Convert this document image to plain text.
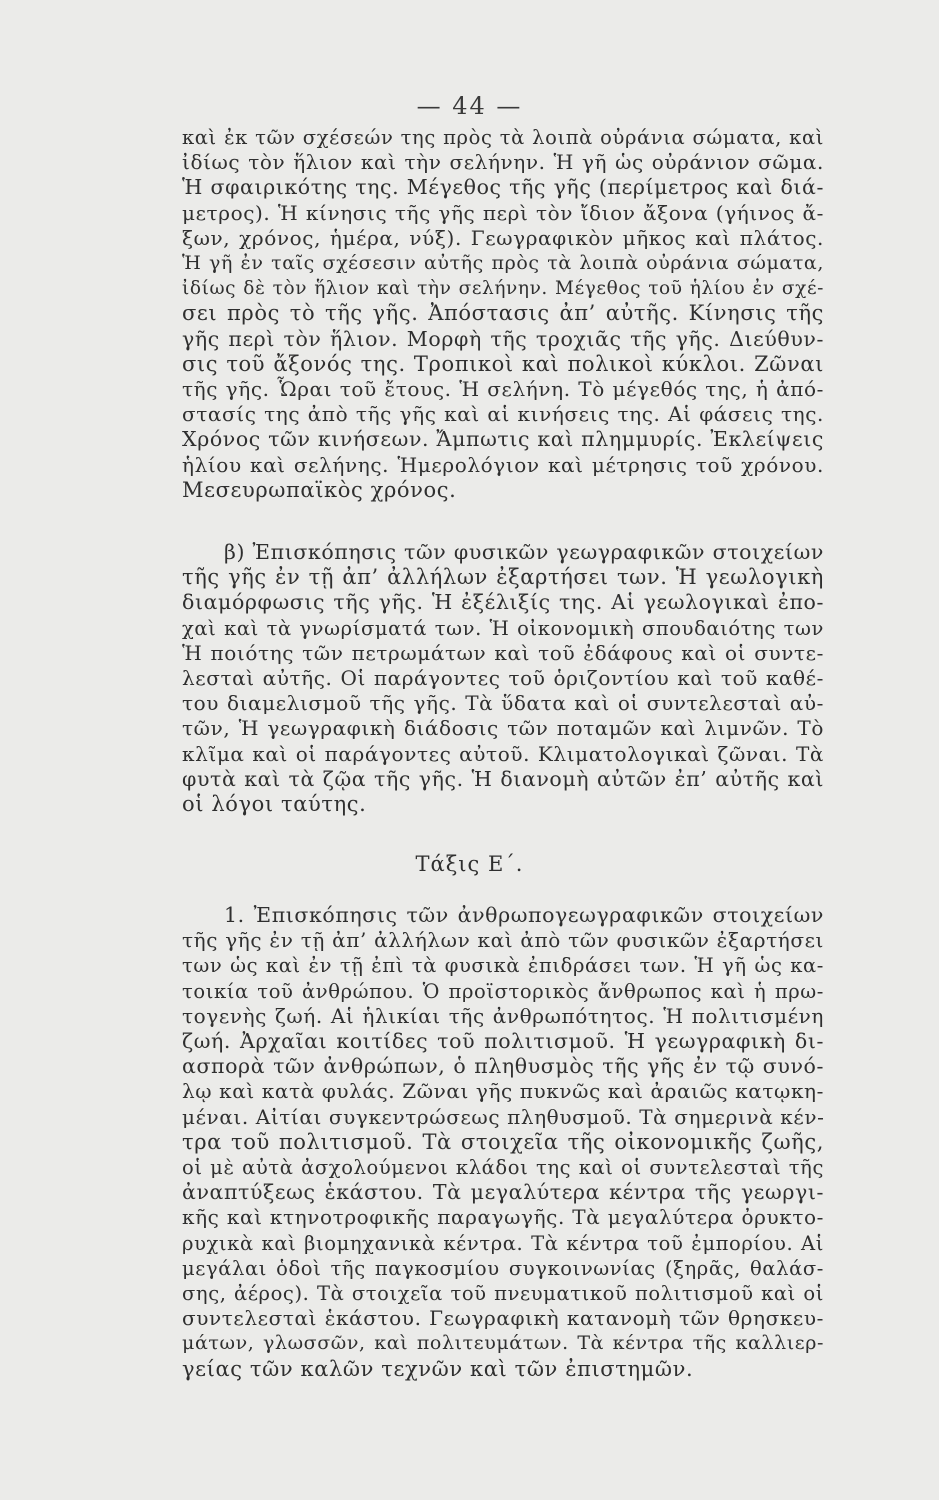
— 44 —
καὶ ἐκ τῶν σχέσεών της πρὸς τὰ λοιπὰ οὐράνια σώματα, καὶ
ἰδίως τὸν ἥλιον καὶ τὴν σελήνην. Ἡ γῆ ὡς οὐράνιον σῶμα.
Ἡ σφαιρικότης της. Μέγεθος τῆς γῆς (περίμετρος καὶ διά-
μετρος). Ἡ κίνησις τῆς γῆς περὶ τὸν ἴδιον ἄξονα (γήινος ἄ-
ξων, χρόνος, ἡμέρα, νύξ). Γεωγραφικὸν μῆκος καὶ πλάτος.
Ἡ γῆ ἐν ταῖς σχέσεσιν αὐτῆς πρὸς τὰ λοιπὰ οὐράνια σώματα,
ἰδίως δὲ τὸν ἥλιον καὶ τὴν σελήνην. Μέγεθος τοῦ ἡλίου ἐν σχέ-
σει πρὸς τὸ τῆς γῆς. Ἀπόστασις ἀπ’ αὐτῆς. Κίνησις τῆς
γῆς περὶ τὸν ἥλιον. Μορφὴ τῆς τροχιᾶς τῆς γῆς. Διεύθυν-
σις τοῦ ἄξονός της. Τροπικοὶ καὶ πολικοὶ κύκλοι. Ζῶναι
τῆς γῆς. Ὧραι τοῦ ἔτους. Ἡ σελήνη. Τὸ μέγεθός της, ἡ ἀπό-
στασίς της ἀπὸ τῆς γῆς καὶ αἱ κινήσεις της. Αἱ φάσεις της.
Χρόνος τῶν κινήσεων. Ἄμπωτις καὶ πλημμυρίς. Ἐκλείψεις
ἡλίου καὶ σελήνης. Ἡμερολόγιον καὶ μέτρησις τοῦ χρόνου.
Μεσευρωπαϊκὸς χρόνος.
β) Ἐπισκόπησις τῶν φυσικῶν γεωγραφικῶν στοιχείων
τῆς γῆς ἐν τῇ ἀπ’ ἀλλήλων ἐξαρτήσει των. Ἡ γεωλογικὴ
διαμόρφωσις τῆς γῆς. Ἡ ἐξέλιξίς της. Αἱ γεωλογικαὶ ἐπο-
χαὶ καὶ τὰ γνωρίσματά των. Ἡ οἰκονομικὴ σπουδαιότης των
Ἡ ποιότης τῶν πετρωμάτων καὶ τοῦ ἐδάφους καὶ οἱ συντε-
λεσταὶ αὐτῆς. Οἱ παράγοντες τοῦ ὁριζοντίου καὶ τοῦ καθέ-
του διαμελισμοῦ τῆς γῆς. Τὰ ὕδατα καὶ οἱ συντελεσταὶ αὐ-
τῶν, Ἡ γεωγραφικὴ διάδοσις τῶν ποταμῶν καὶ λιμνῶν. Τὸ
κλῖμα καὶ οἱ παράγοντες αὐτοῦ. Κλιματολογικαὶ ζῶναι. Τὰ
φυτὰ καὶ τὰ ζῷα τῆς γῆς. Ἡ διανομὴ αὐτῶν ἐπ’ αὐτῆς καὶ
οἱ λόγοι ταύτης.
Τάξις Ε΄.
1. Ἐπισκόπησις τῶν ἀνθρωπογεωγραφικῶν στοιχείων
τῆς γῆς ἐν τῇ ἀπ’ ἀλλήλων καὶ ἀπὸ τῶν φυσικῶν ἐξαρτήσει
των ὡς καὶ ἐν τῇ ἐπὶ τὰ φυσικὰ ἐπιδράσει των. Ἡ γῆ ὡς κα-
τοικία τοῦ ἀνθρώπου. Ὁ προϊστορικὸς ἄνθρωπος καὶ ἡ πρω-
τογενὴς ζωή. Αἱ ἡλικίαι τῆς ἀνθρωπότητος. Ἡ πολιτισμένη
ζωή. Ἀρχαῖαι κοιτίδες τοῦ πολιτισμοῦ. Ἡ γεωγραφικὴ δι-
ασπορὰ τῶν ἀνθρώπων, ὁ πληθυσμὸς τῆς γῆς ἐν τῷ συνό-
λῳ καὶ κατὰ φυλάς. Ζῶναι γῆς πυκνῶς καὶ ἀραιῶς κατῳκη-
μέναι. Αἰτίαι συγκεντρώσεως πληθυσμοῦ. Τὰ σημερινὰ κέν-
τρα τοῦ πολιτισμοῦ. Τὰ στοιχεῖα τῆς οἰκονομικῆς ζωῆς,
οἱ μὲ αὐτὰ ἀσχολούμενοι κλάδοι της καὶ οἱ συντελεσταὶ τῆς
ἀναπτύξεως ἑκάστου. Τὰ μεγαλύτερα κέντρα τῆς γεωργι-
κῆς καὶ κτηνοτροφικῆς παραγωγῆς. Τὰ μεγαλύτερα ὀρυκτο-
ρυχικὰ καὶ βιομηχανικὰ κέντρα. Τὰ κέντρα τοῦ ἐμπορίου. Αἱ
μεγάλαι ὁδοὶ τῆς παγκοσμίου συγκοινωνίας (ξηρᾶς, θαλάσ-
σης, ἀέρος). Τὰ στοιχεῖα τοῦ πνευματικοῦ πολιτισμοῦ καὶ οἱ
συντελεσταὶ ἑκάστου. Γεωγραφικὴ κατανομὴ τῶν θρησκευ-
μάτων, γλωσσῶν, καὶ πολιτευμάτων. Τὰ κέντρα τῆς καλλιερ-
γείας τῶν καλῶν τεχνῶν καὶ τῶν ἐπιστημῶν.
